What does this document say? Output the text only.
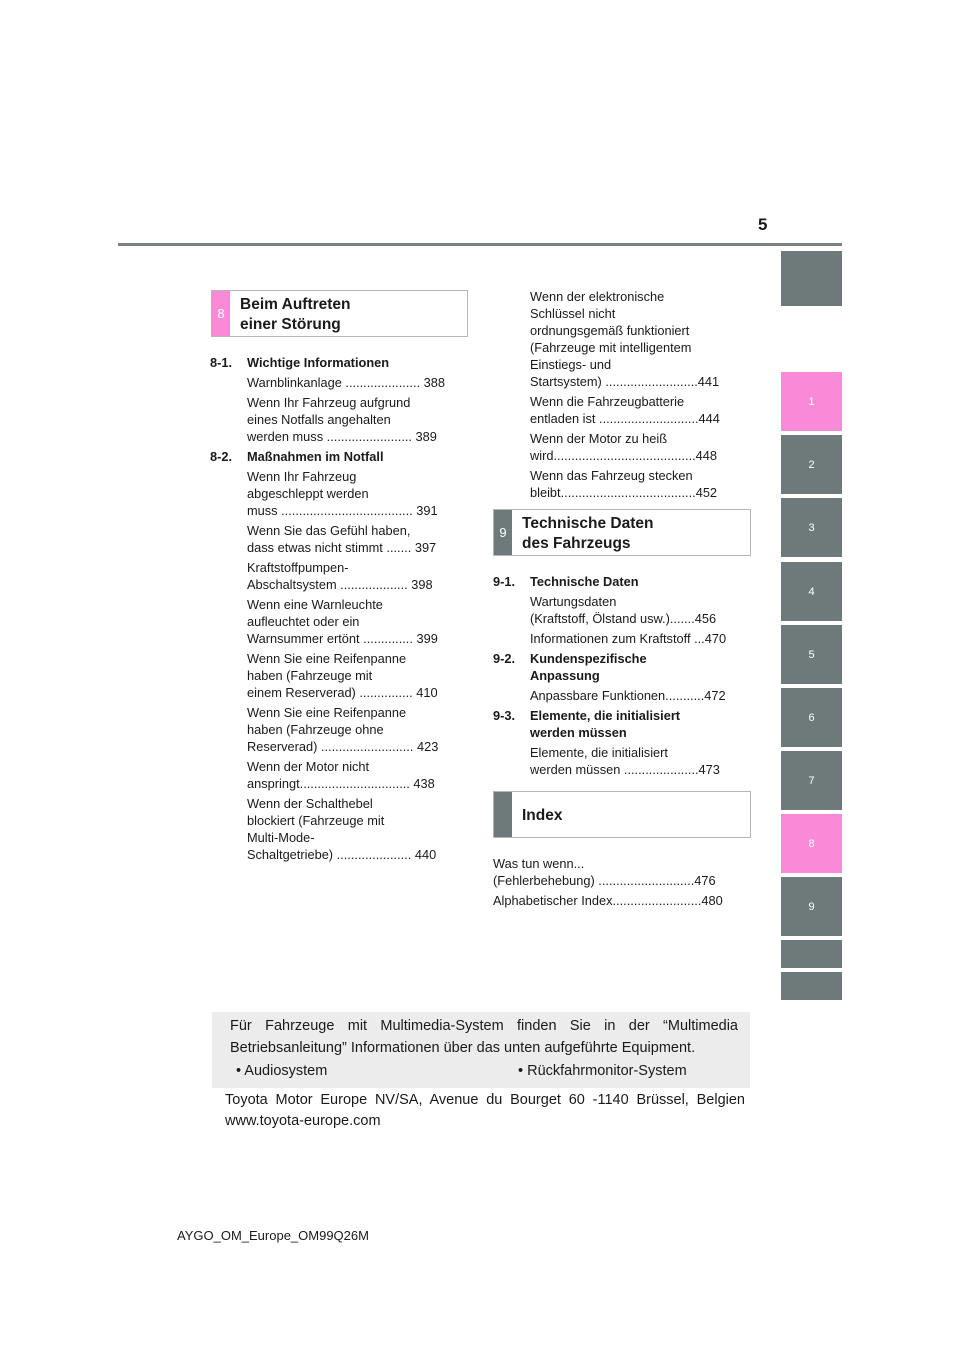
5
1
2
3
4
5
6
7
8
9
8
Beim Auftreten
einer Störung
8-1.	Wichtige Informationen
Warnblinkanlage ..................... 388
Wenn Ihr Fahrzeug aufgrund
eines Notfalls angehalten
werden muss ........................ 389
8-2.	Maßnahmen im Notfall
Wenn Ihr Fahrzeug
abgeschleppt werden
muss ..................................... 391
Wenn Sie das Gefühl haben,
dass etwas nicht stimmt ....... 397
Kraftstoffpumpen-
Abschaltsystem ................... 398
Wenn eine Warnleuchte
aufleuchtet oder ein
Warnsummer ertönt .............. 399
Wenn Sie eine Reifenpanne
haben (Fahrzeuge mit
einem Reserverad) ............... 410
Wenn Sie eine Reifenpanne
haben (Fahrzeuge ohne
Reserverad) .......................... 423
Wenn der Motor nicht
anspringt............................... 438
Wenn der Schalthebel
blockiert (Fahrzeuge mit
Multi-Mode-
Schaltgetriebe) ..................... 440
Wenn der elektronische
Schlüssel nicht
ordnungsgemäß funktioniert
(Fahrzeuge mit intelligentem
Einstiegs- und
Startsystem) ..........................441
Wenn die Fahrzeugbatterie
entladen ist ............................444
Wenn der Motor zu heiß
wird........................................448
Wenn das Fahrzeug stecken
bleibt......................................452
9
Technische Daten
des Fahrzeugs
9-1.	Technische Daten
Wartungsdaten
(Kraftstoff, Ölstand usw.).......456
Informationen zum Kraftstoff ...470
9-2.	Kundenspezifische
Anpassung
Anpassbare Funktionen...........472
9-3.	Elemente, die initialisiert
werden müssen
Elemente, die initialisiert
werden müssen .....................473
Index
Was tun wenn...
(Fehlerbehebung) ...........................476
Alphabetischer Index.........................480
Für Fahrzeuge mit Multimedia-System finden Sie in der “Multimedia
Betriebsanleitung” Informationen über das unten aufgeführte Equipment.
• Audiosystem	• Rückfahrmonitor-System
Toyota Motor Europe NV/SA, Avenue du Bourget 60 -1140 Brüssel, Belgien
www.toyota-europe.com
AYGO_OM_Europe_OM99Q26M
